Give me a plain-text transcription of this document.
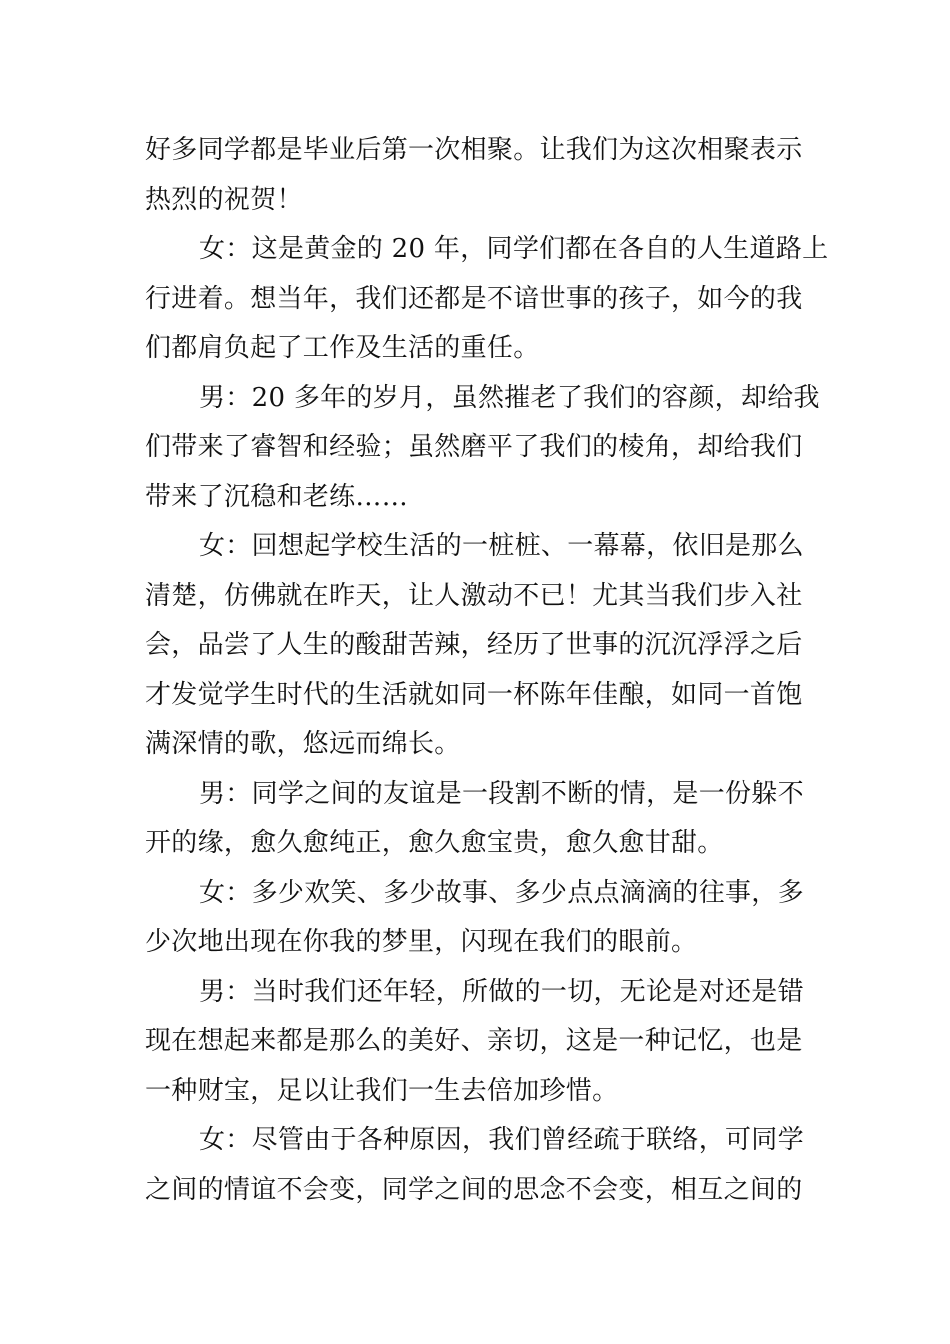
好多同学都是毕业后第一次相聚。让我们为这次相聚表示

热烈的祝贺！

女：这是黄金的 20 年，同学们都在各自的人生道路上

行进着。想当年，我们还都是不谙世事的孩子，如今的我

们都肩负起了工作及生活的重任。

男：20 多年的岁月，虽然摧老了我们的容颜，却给我

们带来了睿智和经验；虽然磨平了我们的棱角，却给我们

带来了沉稳和老练……

女：回想起学校生活的一桩桩、一幕幕，依旧是那么

清楚，仿佛就在昨天，让人激动不已！尤其当我们步入社

会，品尝了人生的酸甜苦辣，经历了世事的沉沉浮浮之后

才发觉学生时代的生活就如同一杯陈年佳酿，如同一首饱

满深情的歌，悠远而绵长。

男：同学之间的友谊是一段割不断的情，是一份躲不

开的缘，愈久愈纯正，愈久愈宝贵，愈久愈甘甜。

女：多少欢笑、多少故事、多少点点滴滴的往事，多

少次地出现在你我的梦里，闪现在我们的眼前。

男：当时我们还年轻，所做的一切，无论是对还是错

现在想起来都是那么的美好、亲切，这是一种记忆，也是

一种财宝，足以让我们一生去倍加珍惜。

女：尽管由于各种原因，我们曾经疏于联络，可同学

之间的情谊不会变，同学之间的思念不会变，相互之间的
